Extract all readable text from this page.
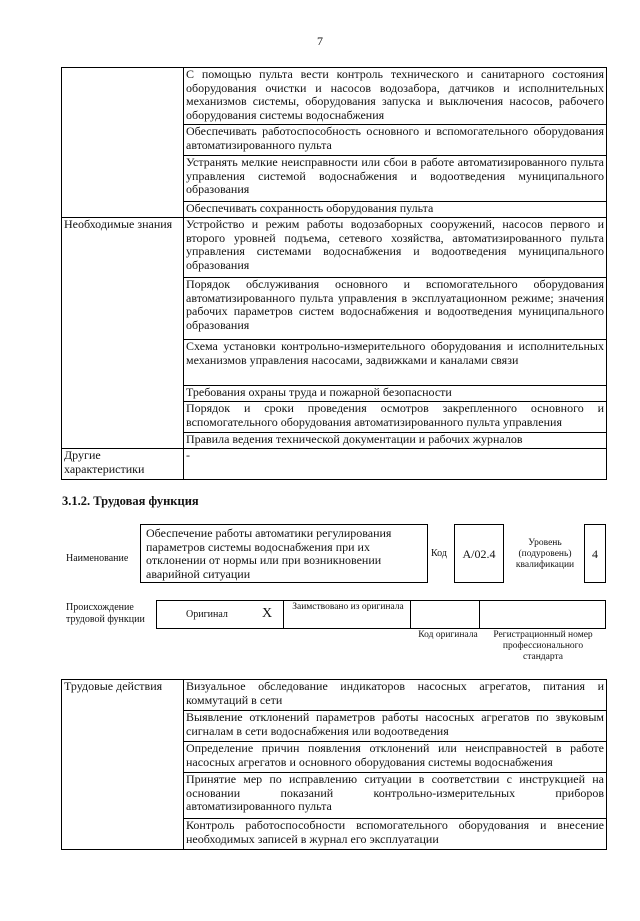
7
	С помощью пульта вести контроль технического и санитарного состояния оборудования очистки и насосов водозабора, датчиков и исполнительных механизмов системы, оборудования запуска и выключения насосов, рабочего оборудования системы водоснабжения
	Обеспечивать работоспособность основного и вспомогательного оборудования автоматизированного пульта
	Устранять мелкие неисправности или сбои в работе автоматизированного пульта управления системой водоснабжения и водоотведения муниципального образования
	Обеспечивать сохранность оборудования пульта
Необходимые знания	Устройство и режим работы водозаборных сооружений, насосов первого и второго уровней подъема, сетевого хозяйства, автоматизированного пульта управления системами водоснабжения и водоотведения муниципального образования
	Порядок обслуживания основного и вспомогательного оборудования автоматизированного пульта управления в эксплуатационном режиме; значения рабочих параметров систем водоснабжения и водоотведения муниципального образования
	Схема установки контрольно-измерительного оборудования и исполнительных механизмов управления насосами, задвижками и каналами связи
	Требования охраны труда и пожарной безопасности
	Порядок и сроки проведения осмотров закрепленного основного и вспомогательного оборудования автоматизированного пульта управления
	Правила ведения технической документации и рабочих журналов
Другие характеристики	-
3.1.2. Трудовая функция
Наименование
Обеспечение работы автоматики регулирования параметров системы водоснабжения при их отклонении от нормы или при возникновении аварийной ситуации
Код	А/02.4
Уровень (подуровень) квалификации
4
Происхождение трудовой функции	Оригинал X Заимствовано из оригинала
Код оригинала	Регистрационный номер профессионального стандарта
Трудовые действия	Визуальное обследование индикаторов насосных агрегатов, питания и коммутаций в сети
Выявление отклонений параметров работы насосных агрегатов по звуковым сигналам в сети водоснабжения или водоотведения
Определение причин появления отклонений или неисправностей в работе насосных агрегатов и основного оборудования системы водоснабжения
Принятие мер по исправлению ситуации в соответствии с инструкцией на основании показаний контрольно-измерительных приборов автоматизированного пульта
Контроль работоспособности вспомогательного оборудования и внесение необходимых записей в журнал его эксплуатации
